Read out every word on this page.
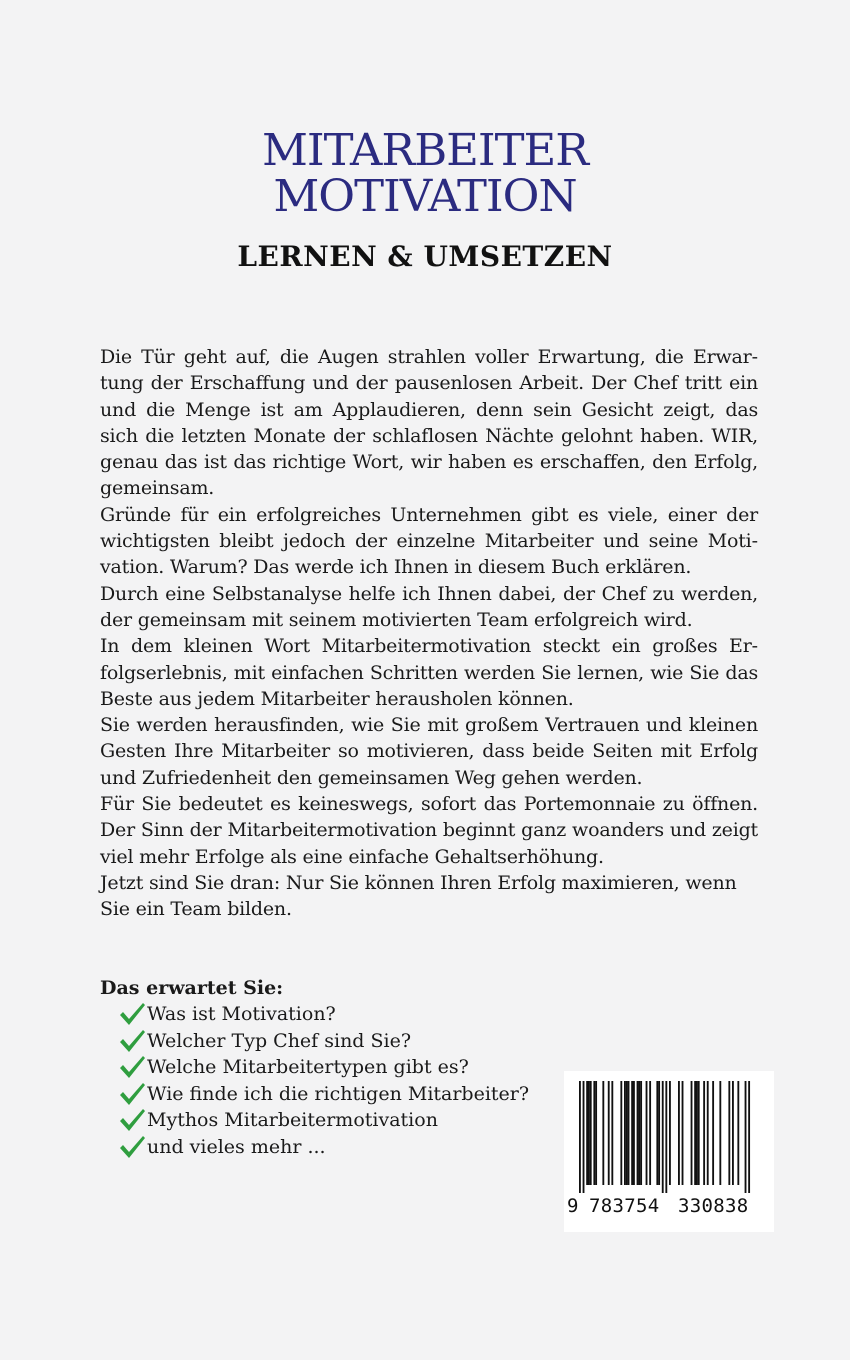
MITARBEITER
MOTIVATION
LERNEN & UMSETZEN

Die Tür geht auf, die Augen strahlen voller Erwartung, die Erwartung der Erschaffung und der pausenlosen Arbeit. Der Chef tritt ein und die Menge ist am Applaudieren, denn sein Gesicht zeigt, das sich die letzten Monate der schlaflosen Nächte gelohnt haben. WIR, genau das ist das richtige Wort, wir haben es erschaffen, den Erfolg, gemeinsam.

Gründe für ein erfolgreiches Unternehmen gibt es viele, einer der wichtigsten bleibt jedoch der einzelne Mitarbeiter und seine Motivation. Warum? Das werde ich Ihnen in diesem Buch erklären.

Durch eine Selbstanalyse helfe ich Ihnen dabei, der Chef zu werden, der gemeinsam mit seinem motivierten Team erfolgreich wird.

In dem kleinen Wort Mitarbeitermotivation steckt ein großes Erfolgserlebnis, mit einfachen Schritten werden Sie lernen, wie Sie das Beste aus jedem Mitarbeiter herausholen können.

Sie werden herausfinden, wie Sie mit großem Vertrauen und kleinen Gesten Ihre Mitarbeiter so motivieren, dass beide Seiten mit Erfolg und Zufriedenheit den gemeinsamen Weg gehen werden.

Für Sie bedeutet es keineswegs, sofort das Portemonnaie zu öffnen. Der Sinn der Mitarbeitermotivation beginnt ganz woanders und zeigt viel mehr Erfolge als eine einfache Gehaltserhöhung.

Jetzt sind Sie dran: Nur Sie können Ihren Erfolg maximieren, wenn Sie ein Team bilden.

Das erwartet Sie:
Was ist Motivation?
Welcher Typ Chef sind Sie?
Welche Mitarbeitertypen gibt es?
Wie finde ich die richtigen Mitarbeiter?
Mythos Mitarbeitermotivation
und vieles mehr ...
9 783754 330838
